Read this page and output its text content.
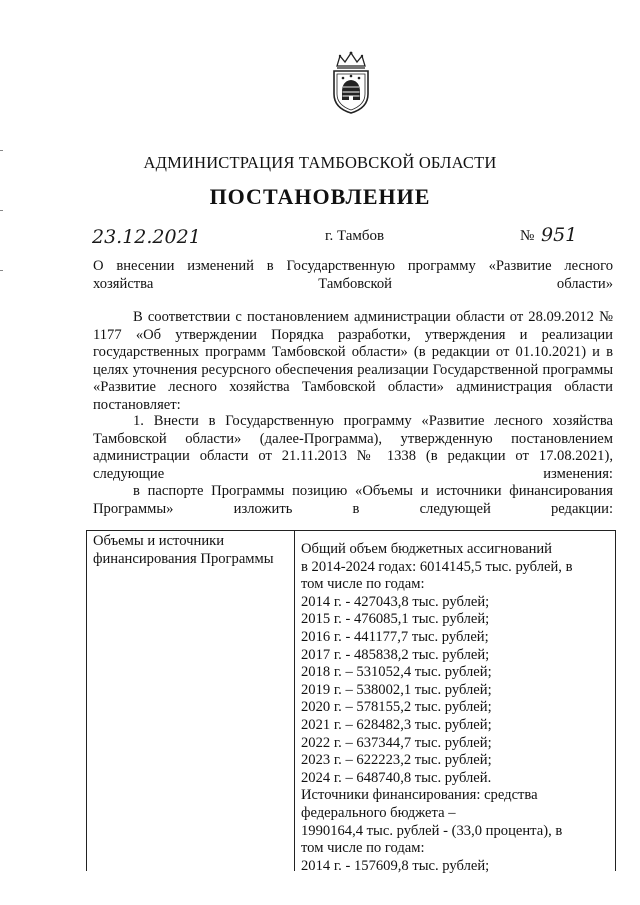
АДМИНИСТРАЦИЯ ТАМБОВСКОЙ ОБЛАСТИ
ПОСТАНОВЛЕНИЕ
23.12.2021	г. Тамбов	№ 951

О внесении изменений в Государственную программу «Развитие лесного хозяйства Тамбовской области»

В соответствии с постановлением администрации области от 28.09.2012 № 1177 «Об утверждении Порядка разработки, утверждения и реализации государственных программ Тамбовской области» (в редакции от 01.10.2021) и в целях уточнения ресурсного обеспечения реализации Государственной программы «Развитие лесного хозяйства Тамбовской области» администрация области постановляет:

1. Внести в Государственную программу «Развитие лесного хозяйства Тамбовской области» (далее-Программа), утвержденную постановлением администрации области от 21.11.2013 № 1338 (в редакции от 17.08.2021), следующие изменения:

в паспорте Программы позицию «Объемы и источники финансирования Программы» изложить в следующей редакции:

Объемы и источники финансирования Программы
Общий объем бюджетных ассигнований
в 2014-2024 годах: 6014145,5 тыс. рублей, в
том числе по годам:
2014 г. - 427043,8 тыс. рублей;
2015 г. - 476085,1 тыс. рублей;
2016 г. - 441177,7 тыс. рублей;
2017 г. - 485838,2 тыс. рублей;
2018 г. – 531052,4 тыс. рублей;
2019 г. – 538002,1 тыс. рублей;
2020 г. – 578155,2 тыс. рублей;
2021 г. – 628482,3 тыс. рублей;
2022 г. – 637344,7 тыс. рублей;
2023 г. – 622223,2 тыс. рублей;
2024 г. – 648740,8 тыс. рублей.
Источники финансирования: средства
федерального бюджета –
1990164,4 тыс. рублей - (33,0 процента), в
том числе по годам:
2014 г. - 157609,8 тыс. рублей;
